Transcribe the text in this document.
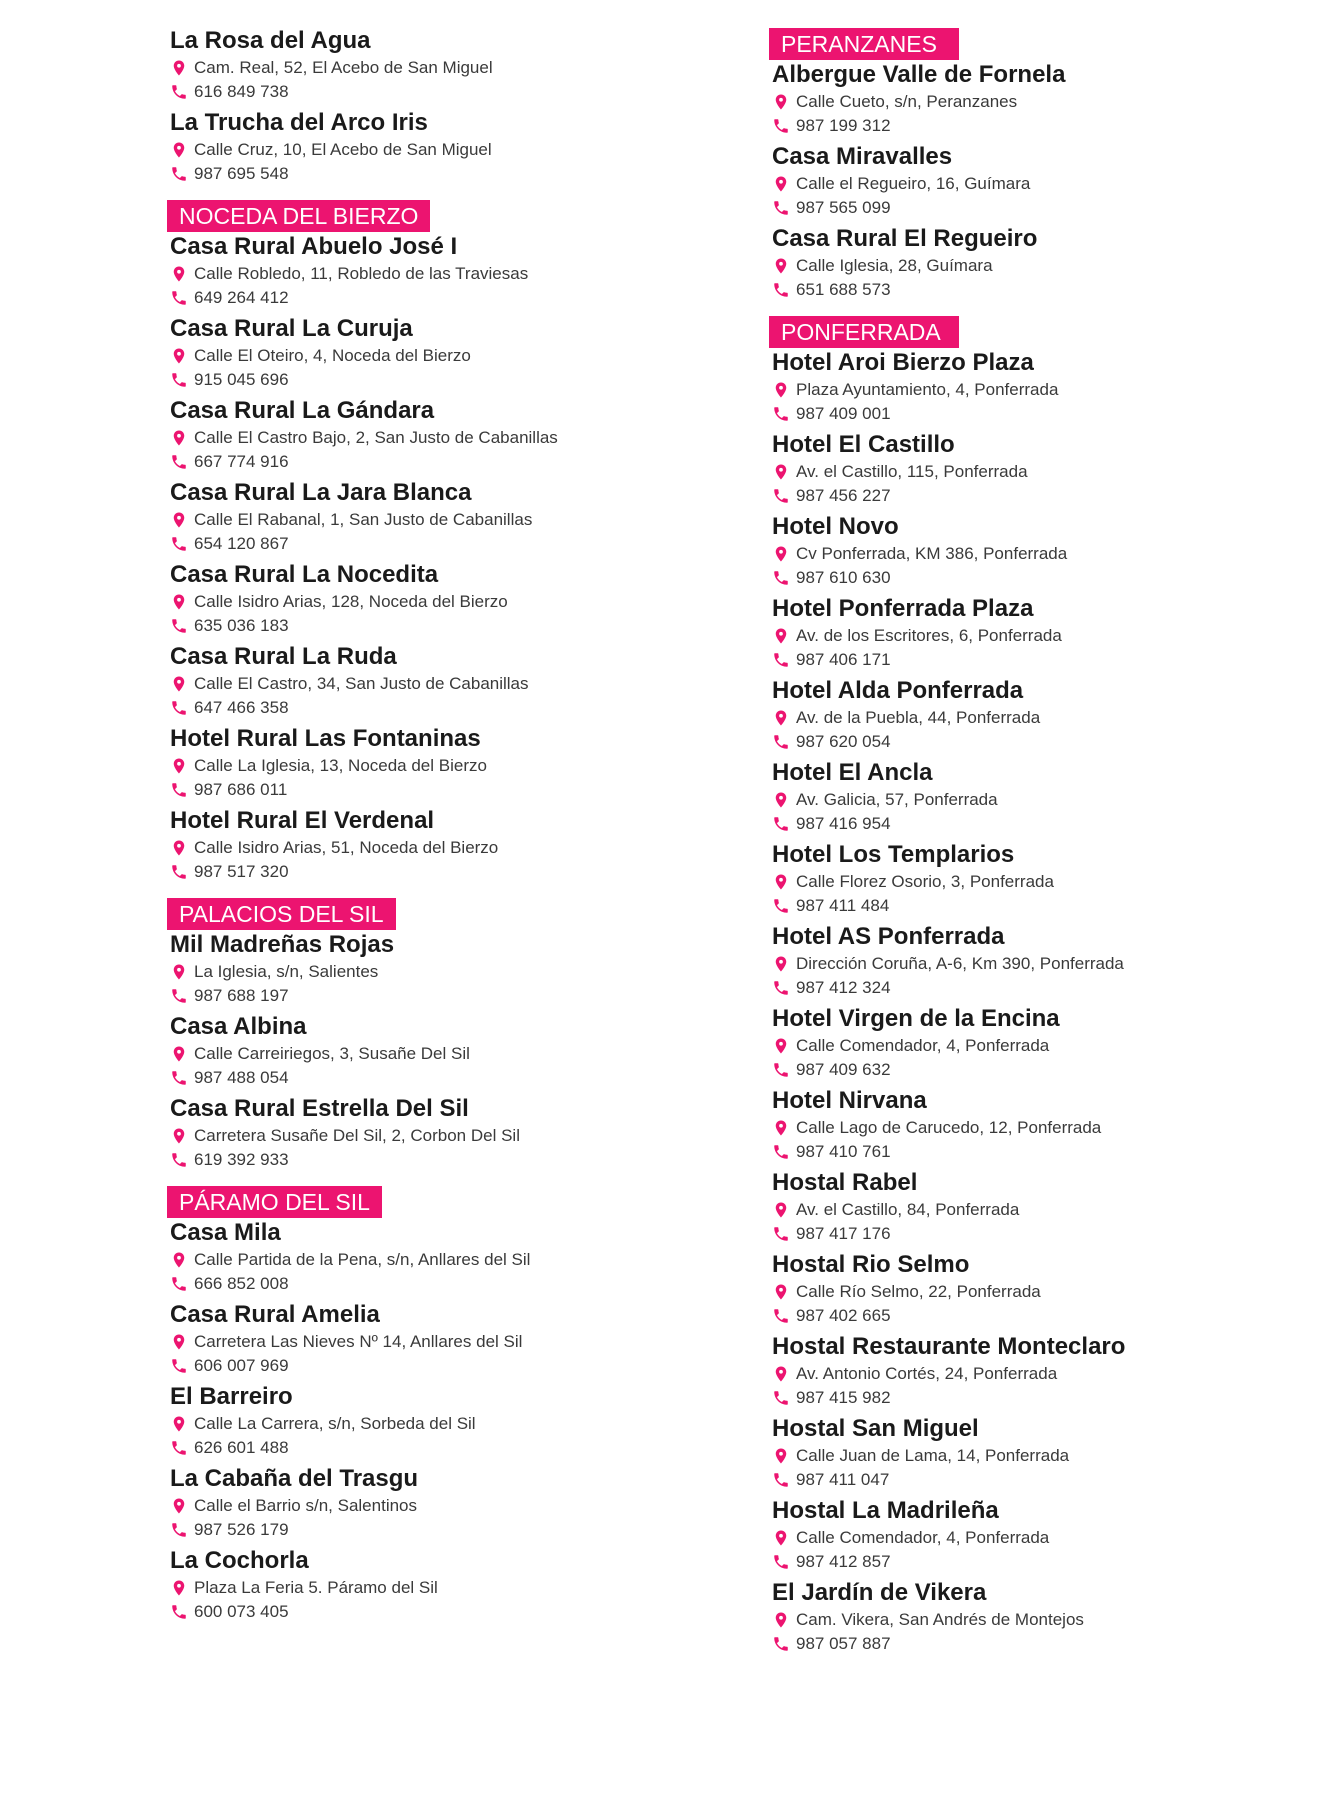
La Rosa del Agua
Cam. Real, 52, El Acebo de San Miguel
616 849 738
La Trucha del Arco Iris
Calle Cruz, 10, El Acebo de San Miguel
987 695 548
NOCEDA DEL BIERZO
Casa Rural Abuelo José I
Calle Robledo, 11, Robledo de las Traviesas
649 264 412
Casa Rural La Curuja
Calle El Oteiro, 4, Noceda del Bierzo
915 045 696
Casa Rural La Gándara
Calle El Castro Bajo, 2, San Justo de Cabanillas
667 774 916
Casa Rural La Jara Blanca
Calle El Rabanal, 1, San Justo de Cabanillas
654 120 867
Casa Rural La Nocedita
Calle Isidro Arias, 128, Noceda del Bierzo
635 036 183
Casa Rural La Ruda
Calle El Castro, 34, San Justo de Cabanillas
647 466 358
Hotel Rural Las Fontaninas
Calle La Iglesia, 13, Noceda del Bierzo
987 686 011
Hotel Rural El Verdenal
Calle Isidro Arias, 51, Noceda del Bierzo
987 517 320
PALACIOS DEL SIL
Mil Madreñas Rojas
La Iglesia, s/n, Salientes
987 688 197
Casa Albina
Calle Carreiriegos, 3, Susañe Del Sil
987 488 054
Casa Rural Estrella Del Sil
Carretera Susañe Del Sil, 2, Corbon Del Sil
619 392 933
PÁRAMO DEL SIL
Casa Mila
Calle Partida de la Pena, s/n, Anllares del Sil
666 852 008
Casa Rural Amelia
Carretera Las Nieves Nº 14, Anllares del Sil
606 007 969
El Barreiro
Calle La Carrera, s/n, Sorbeda del Sil
626 601 488
La Cabaña del Trasgu
Calle el Barrio s/n, Salentinos
987 526 179
La Cochorla
Plaza La Feria 5. Páramo del Sil
600 073 405
PERANZANES
Albergue Valle de Fornela
Calle Cueto, s/n, Peranzanes
987 199 312
Casa Miravalles
Calle el Regueiro, 16, Guímara
987 565 099
Casa Rural El Regueiro
Calle Iglesia, 28, Guímara
651 688 573
PONFERRADA
Hotel Aroi Bierzo Plaza
Plaza Ayuntamiento, 4, Ponferrada
987 409 001
Hotel El Castillo
Av. el Castillo, 115, Ponferrada
987 456 227
Hotel Novo
Cv Ponferrada, KM 386, Ponferrada
987 610 630
Hotel Ponferrada Plaza
Av. de los Escritores, 6, Ponferrada
987 406 171
Hotel Alda Ponferrada
Av. de la Puebla, 44, Ponferrada
987 620 054
Hotel El Ancla
Av. Galicia, 57, Ponferrada
987 416 954
Hotel Los Templarios
Calle Florez Osorio, 3, Ponferrada
987 411 484
Hotel AS Ponferrada
Dirección Coruña, A-6, Km 390, Ponferrada
987 412 324
Hotel Virgen de la Encina
Calle Comendador, 4, Ponferrada
987 409 632
Hotel Nirvana
Calle Lago de Carucedo, 12, Ponferrada
987 410 761
Hostal Rabel
Av. el Castillo, 84, Ponferrada
987 417 176
Hostal Rio Selmo
Calle Río Selmo, 22, Ponferrada
987 402 665
Hostal Restaurante Monteclaro
Av. Antonio Cortés, 24, Ponferrada
987 415 982
Hostal San Miguel
Calle Juan de Lama, 14, Ponferrada
987 411 047
Hostal La Madrileña
Calle Comendador, 4, Ponferrada
987 412 857
El Jardín de Vikera
Cam. Vikera, San Andrés de Montejos
987 057 887
